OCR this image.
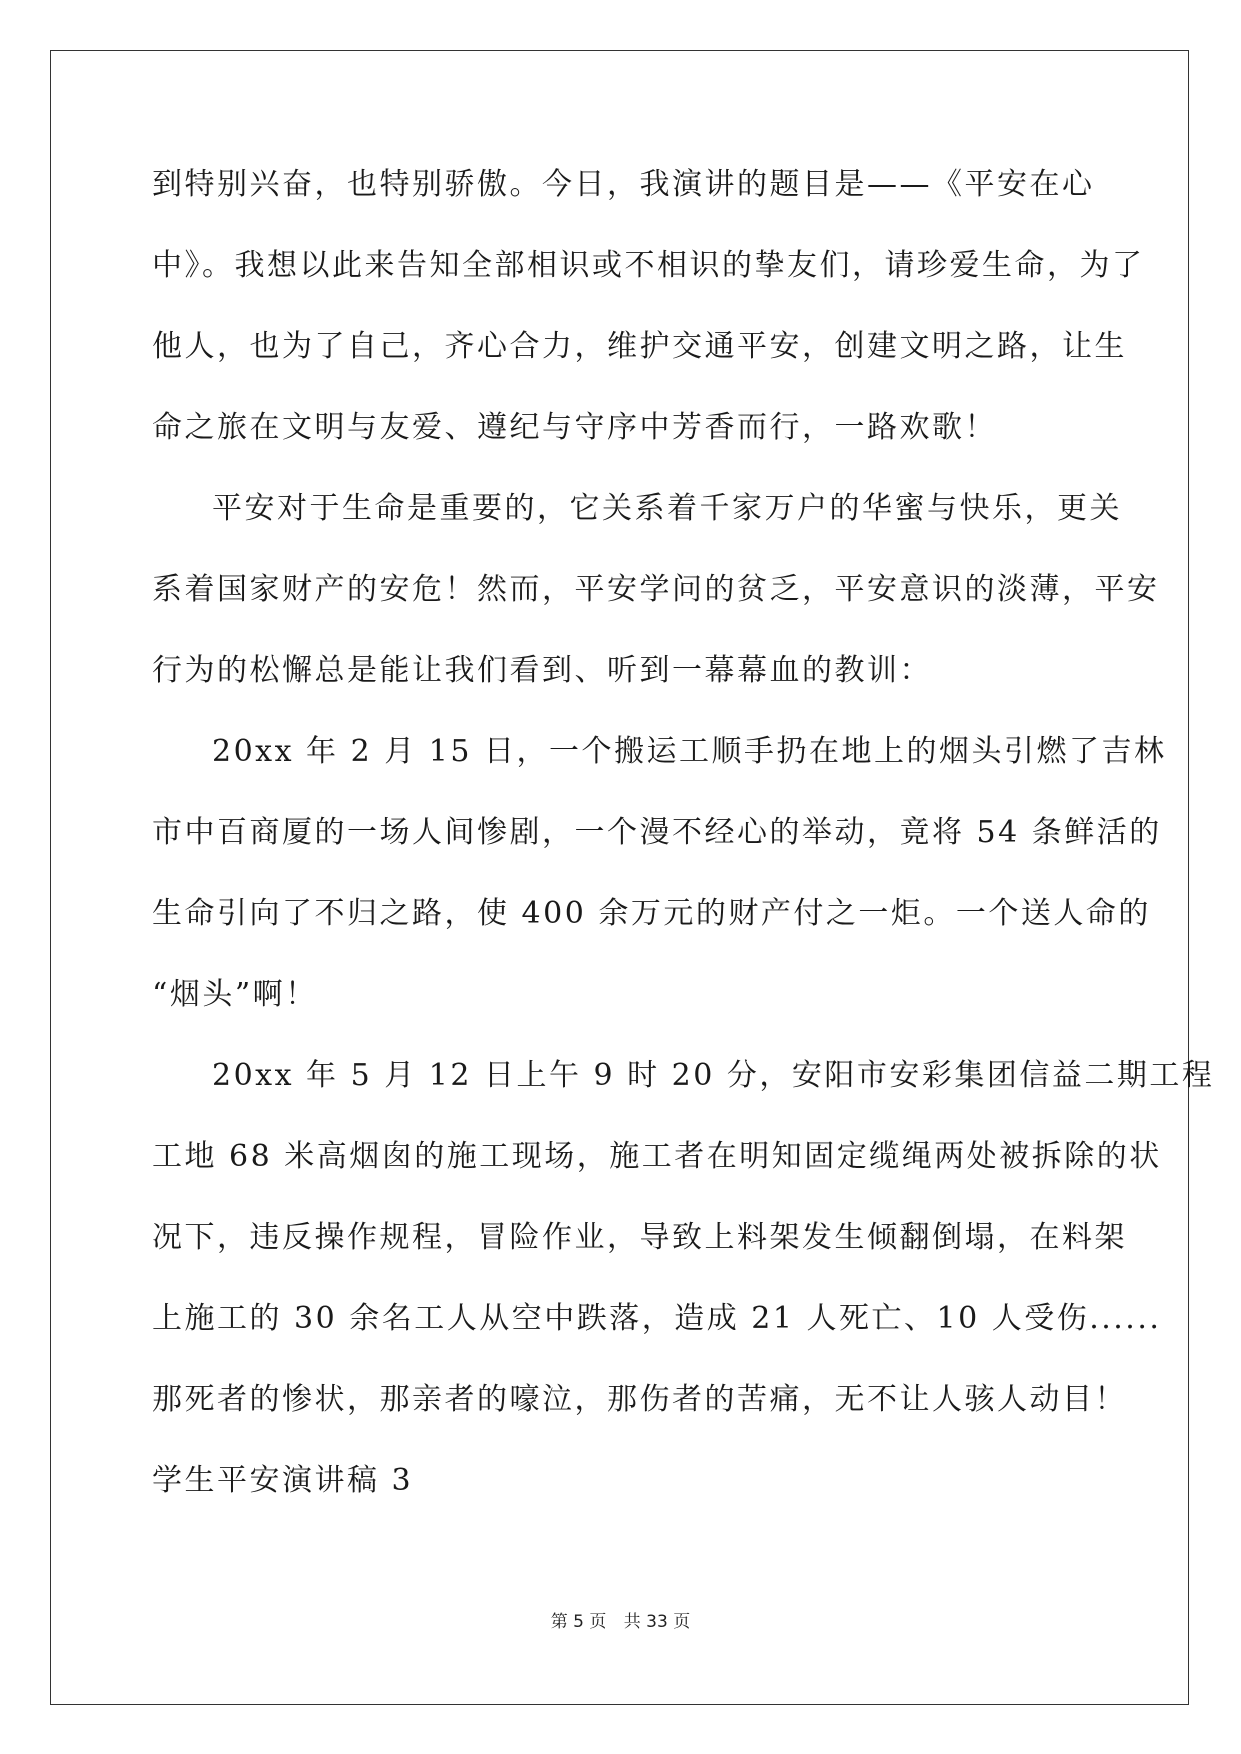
到特别兴奋，也特别骄傲。今日，我演讲的题目是——《平安在心
中》。我想以此来告知全部相识或不相识的挚友们，请珍爱生命，为了
他人，也为了自己，齐心合力，维护交通平安，创建文明之路，让生
命之旅在文明与友爱、遵纪与守序中芳香而行，一路欢歌！
平安对于生命是重要的，它关系着千家万户的华蜜与快乐，更关
系着国家财产的安危！然而，平安学问的贫乏，平安意识的淡薄，平安
行为的松懈总是能让我们看到、听到一幕幕血的教训：
20xx 年 2 月 15 日，一个搬运工顺手扔在地上的烟头引燃了吉林
市中百商厦的一场人间惨剧，一个漫不经心的举动，竟将 54 条鲜活的
生命引向了不归之路，使 400 余万元的财产付之一炬。一个送人命的
“烟头”啊！
20xx 年 5 月 12 日上午 9 时 20 分，安阳市安彩集团信益二期工程
工地 68 米高烟囱的施工现场，施工者在明知固定缆绳两处被拆除的状
况下，违反操作规程，冒险作业，导致上料架发生倾翻倒塌，在料架
上施工的 30 余名工人从空中跌落，造成 21 人死亡、10 人受伤......
那死者的惨状，那亲者的嚎泣，那伤者的苦痛，无不让人骇人动目！
学生平安演讲稿 3
第 5 页 共 33 页
